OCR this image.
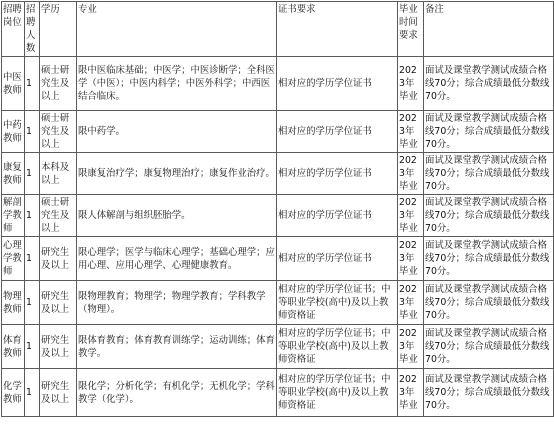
招聘岗位	招聘人数	学历	专业	证书要求	毕业时间要求	备注
中医教师	1	硕士研究生及以上	限中医临床基础；中医学；中医诊断学；全科医学（中医）；中医内科学；中医外科学；中西医结合临床。	相对应的学历学位证书	2023年毕业	面试及课堂教学测试成绩合格线70分；综合成绩最低分数线70分。
中药教师	1	硕士研究生及以上	限中药学。	相对应的学历学位证书	2023年毕业	面试及课堂教学测试成绩合格线70分；综合成绩最低分数线70分。
康复教师	1	本科及以上	限康复治疗学；康复物理治疗；康复作业治疗。	相对应的学历学位证书	2023年毕业	面试及课堂教学测试成绩合格线70分；综合成绩最低分数线70分。
解剖学教师	1	硕士研究生及以上	限人体解剖与组织胚胎学。	相对应的学历学位证书	2023年毕业	面试及课堂教学测试成绩合格线70分；综合成绩最低分数线70分。
心理学教师	1	研究生及以上	限心理学；医学与临床心理学；基础心理学；应用心理、应用心理学、心理健康教育。	相对应的学历学位证书	2023年毕业	面试及课堂教学测试成绩合格线70分；综合成绩最低分数线70分。
物理教师	1	研究生及以上	限物理教育；物理学；物理学教育；学科教学（物理）。	相对应的学历学位证书；中等职业学校(高中)及以上教师资格证	2023年毕业	面试及课堂教学测试成绩合格线70分；综合成绩最低分数线70分。
体育教师	1	研究生及以上	限体育教育；体育教育训练学；运动训练；体育教学。	相对应的学历学位证书；中等职业学校(高中)及以上教师资格证	2023年毕业	面试及课堂教学测试成绩合格线70分；综合成绩最低分数线70分。
化学教师	1	研究生及以上	限化学；分析化学；有机化学；无机化学；学科教学（化学）。	相对应的学历学位证书；中等职业学校(高中)及以上教师资格证	2023年毕业	面试及课堂教学测试成绩合格线70分；综合成绩最低分数线70分。
